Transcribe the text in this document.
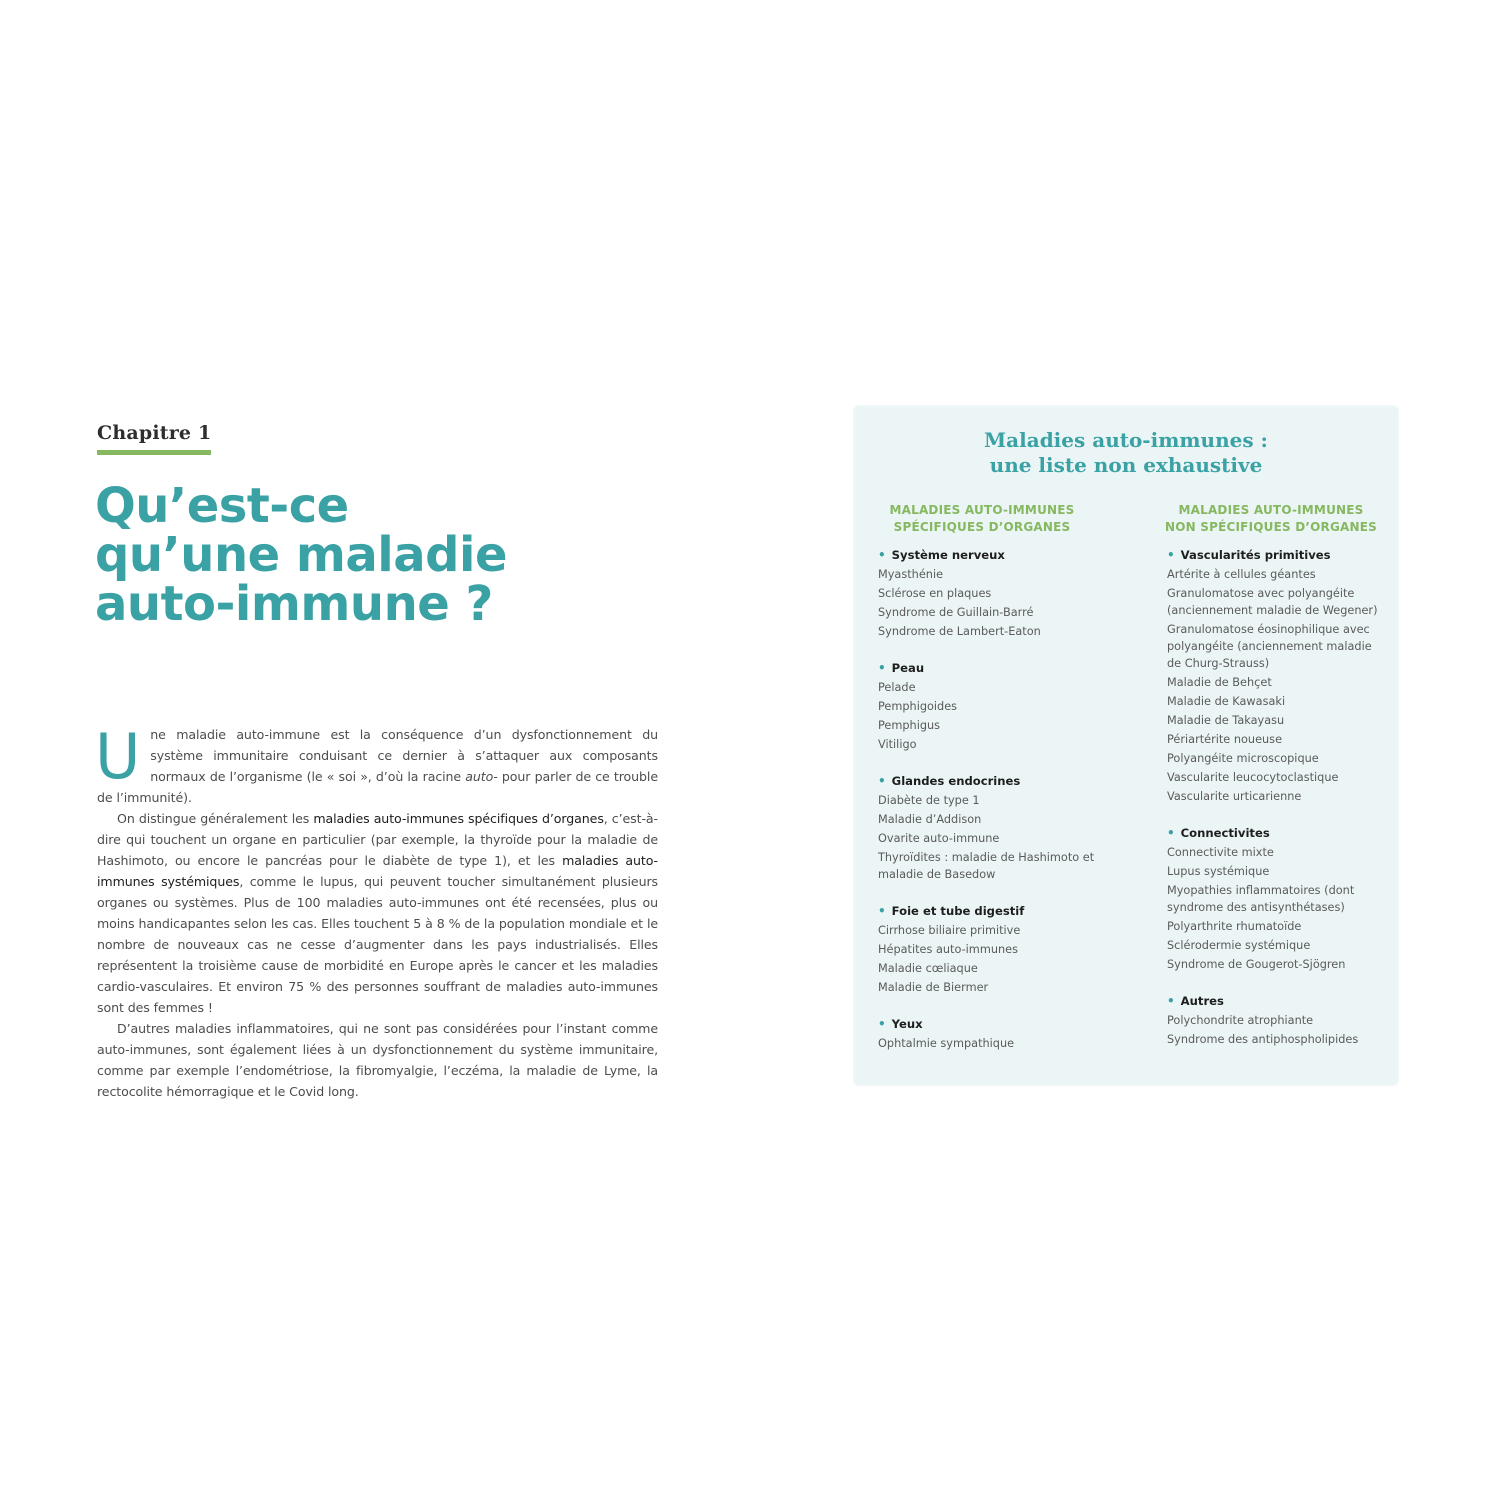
Chapitre 1
Qu’est-ce
qu’une maladie
auto-immune ?

Une maladie auto-immune est la conséquence d’un dysfonctionnement du système immunitaire conduisant ce dernier à s’attaquer aux composants normaux de l’organisme (le « soi », d’où la racine auto- pour parler de ce trouble de l’immunité).

On distingue généralement les maladies auto-immunes spécifiques d’organes, c’est-à-dire qui touchent un organe en particulier (par exemple, la thyroïde pour la maladie de Hashimoto, ou encore le pancréas pour le diabète de type 1), et les maladies auto-immunes systémiques, comme le lupus, qui peuvent toucher simultanément plusieurs organes ou systèmes. Plus de 100 maladies auto-immunes ont été recensées, plus ou moins handicapantes selon les cas. Elles touchent 5 à 8 % de la population mondiale et le nombre de nouveaux cas ne cesse d’augmenter dans les pays industrialisés. Elles représentent la troisième cause de morbidité en Europe après le cancer et les maladies cardio-vasculaires. Et environ 75 % des personnes souffrant de maladies auto-immunes sont des femmes !

D’autres maladies inflammatoires, qui ne sont pas considérées pour l’instant comme auto-immunes, sont également liées à un dysfonctionnement du système immunitaire, comme par exemple l’endométriose, la fibromyalgie, l’eczéma, la maladie de Lyme, la rectocolite hémorragique et le Covid long.

Maladies auto-immunes :
une liste non exhaustive
MALADIES AUTO-IMMUNES
SPÉCIFIQUES D’ORGANES
MALADIES AUTO-IMMUNES
NON SPÉCIFIQUES D’ORGANES
• Système nerveux
Myasthénie
Sclérose en plaques
Syndrome de Guillain-Barré
Syndrome de Lambert-Eaton
• Peau
Pelade
Pemphigoides
Pemphigus
Vitiligo
• Glandes endocrines
Diabète de type 1
Maladie d’Addison
Ovarite auto-immune
Thyroïdites : maladie de Hashimoto et maladie de Basedow
• Foie et tube digestif
Cirrhose biliaire primitive
Hépatites auto-immunes
Maladie cœliaque
Maladie de Biermer
• Yeux
Ophtalmie sympathique
• Vascularités primitives
Artérite à cellules géantes
Granulomatose avec polyangéite (anciennement maladie de Wegener)
Granulomatose éosinophilique avec polyangéite (anciennement maladie de Churg-Strauss)
Maladie de Behçet
Maladie de Kawasaki
Maladie de Takayasu
Périartérite noueuse
Polyangéite microscopique
Vascularite leucocytoclastique
Vascularite urticarienne
• Connectivites
Connectivite mixte
Lupus systémique
Myopathies inflammatoires (dont syndrome des antisynthétases)
Polyarthrite rhumatoïde
Sclérodermie systémique
Syndrome de Gougerot-Sjögren
• Autres
Polychondrite atrophiante
Syndrome des antiphospholipides
